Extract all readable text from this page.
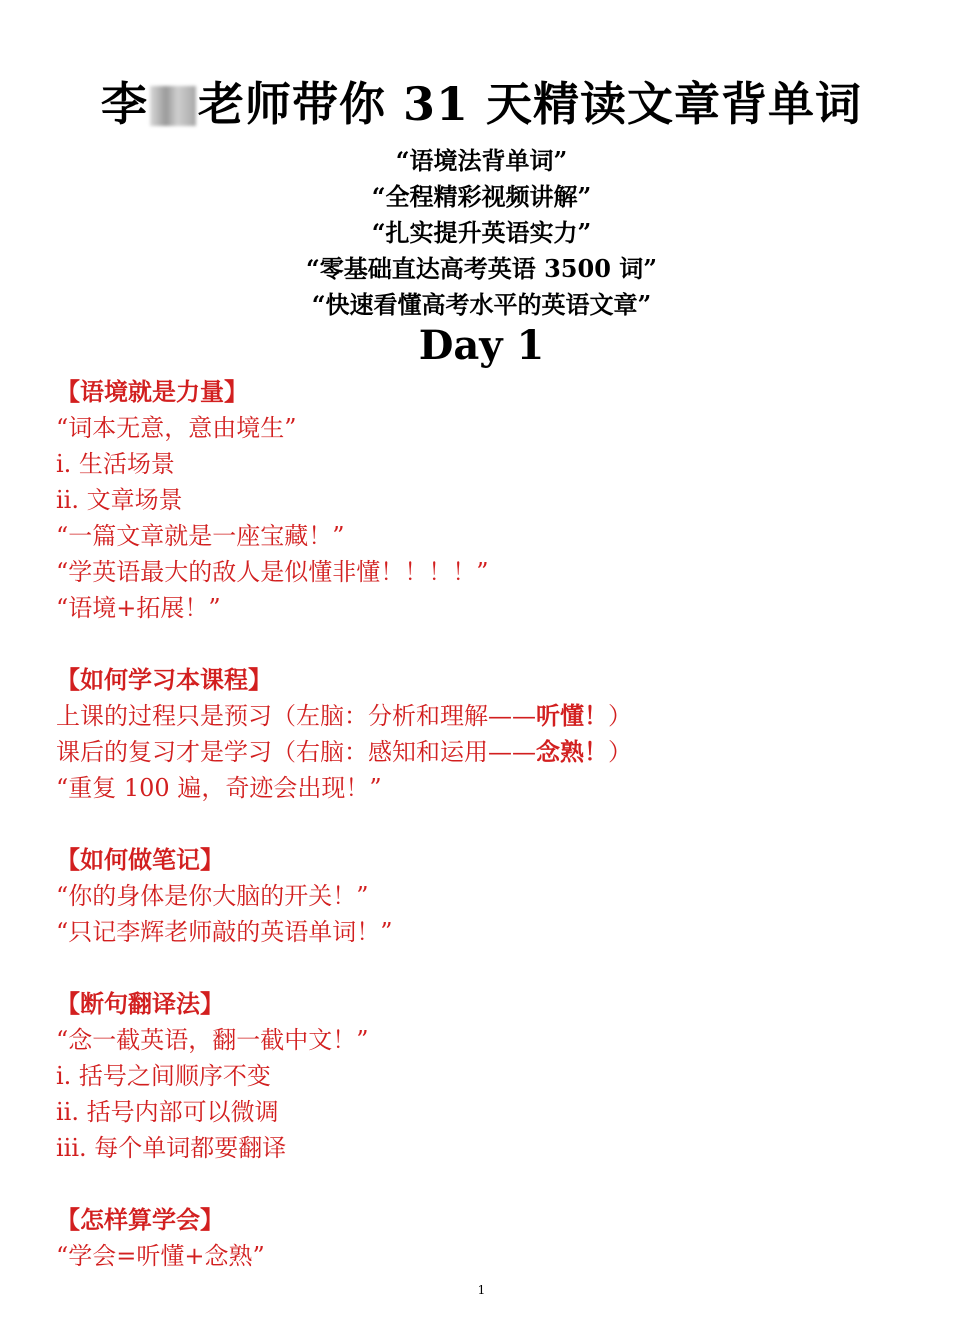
李 老师带你 31 天精读文章背单词
“语境法背单词”
“全程精彩视频讲解”
“扎实提升英语实力”
“零基础直达高考英语 3500 词”
“快速看懂高考水平的英语文章”
Day 1
【语境就是力量】
“词本无意，意由境生”
i. 生活场景
ii. 文章场景
“一篇文章就是一座宝藏！”
“学英语最大的敌人是似懂非懂！！！！”
“语境+拓展！”
【如何学习本课程】
上课的过程只是预习（左脑：分析和理解——听懂！）
课后的复习才是学习（右脑：感知和运用——念熟！）
“重复 100 遍，奇迹会出现！”
【如何做笔记】
“你的身体是你大脑的开关！”
“只记李辉老师敲的英语单词！”
【断句翻译法】
“念一截英语，翻一截中文！”
i. 括号之间顺序不变
ii. 括号内部可以微调
iii. 每个单词都要翻译
【怎样算学会】
“学会=听懂+念熟”
1
